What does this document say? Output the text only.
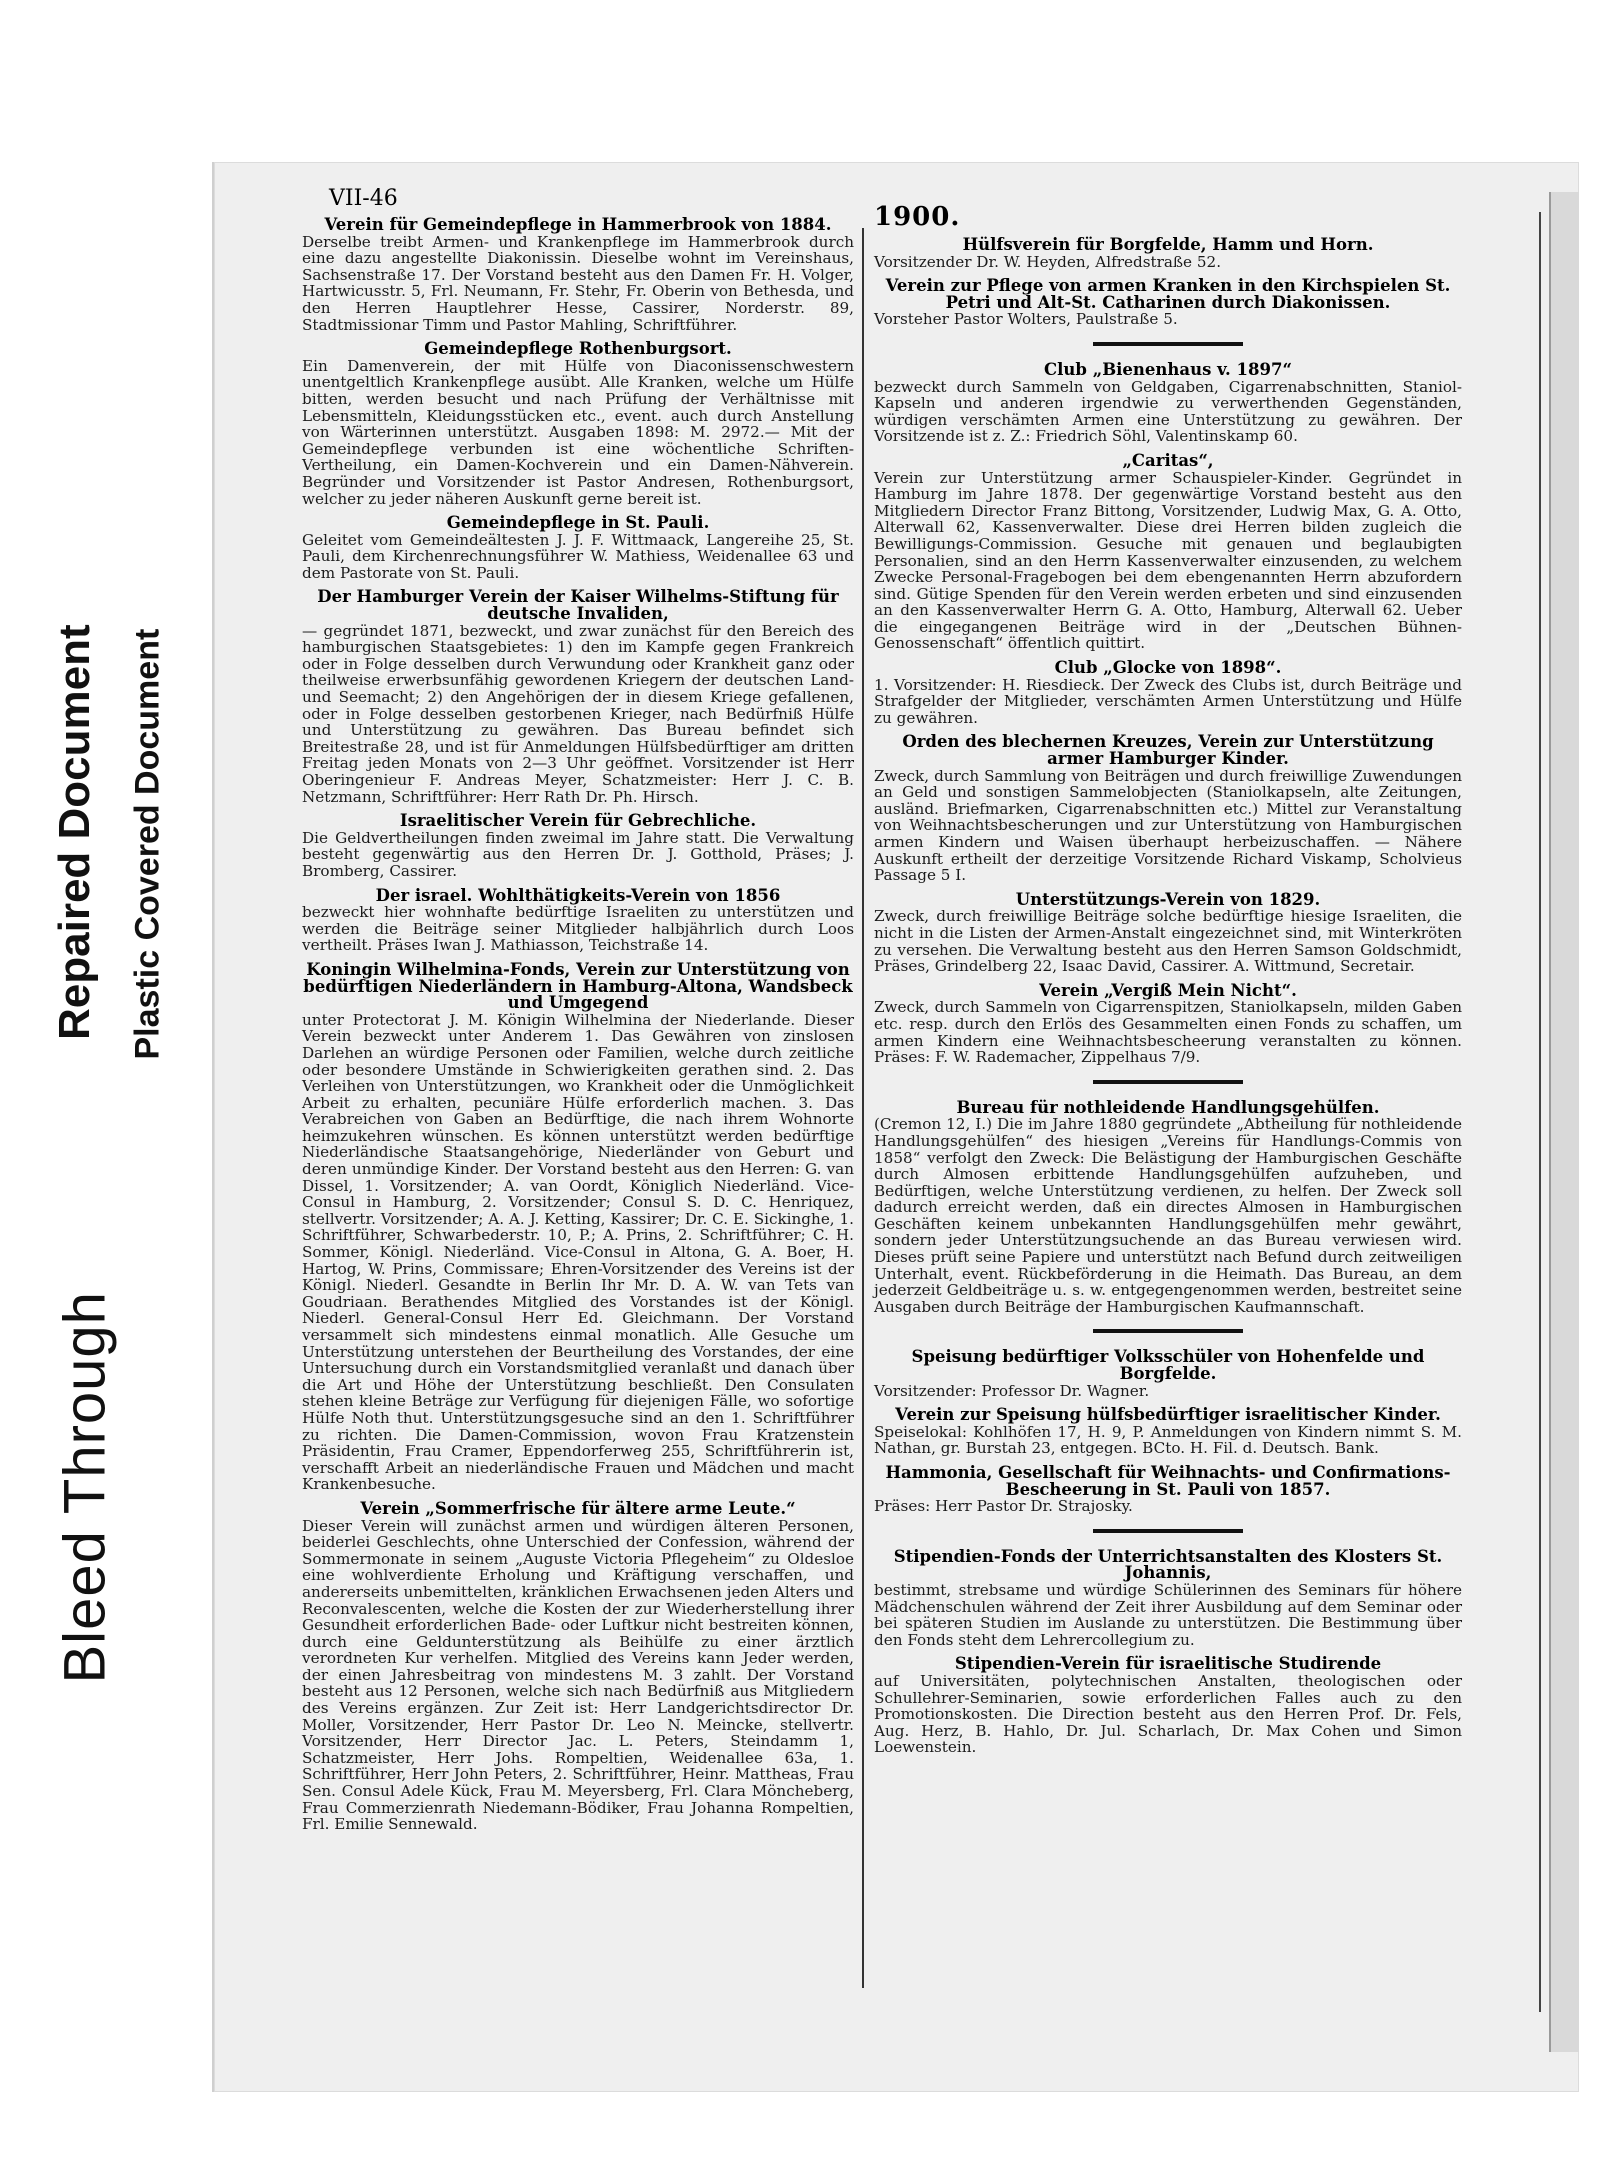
Bleed Through
Repaired Document Plastic Covered Document
VII-46
1900.
Verein für Gemeindepflege in Hammerbrook von 1884.
Derselbe treibt Armen- und Krankenpflege im Hammerbrook durch eine dazu angestellte Diakonissin. Dieselbe wohnt im Vereinshaus, Sachsenstraße 17. Der Vorstand besteht aus den Damen Fr. H. Volger, Hartwicusstr. 5, Frl. Neumann, Fr. Stehr, Fr. Oberin von Bethesda, und den Herren Hauptlehrer Hesse, Cassirer, Norderstr. 89, Stadtmissionar Timm und Pastor Mahling, Schriftführer.
Gemeindepflege Rothenburgsort.
Ein Damenverein, der mit Hülfe von Diaconissenschwestern unentgeltlich Krankenpflege ausübt. Alle Kranken, welche um Hülfe bitten, werden besucht und nach Prüfung der Verhältnisse mit Lebensmitteln, Kleidungsstücken etc., event. auch durch Anstellung von Wärterinnen unterstützt. Ausgaben 1898: M. 2972.— Mit der Gemeindepflege verbunden ist eine wöchentliche Schriften-Vertheilung, ein Damen-Kochverein und ein Damen-Nähverein. Begründer und Vorsitzender ist Pastor Andresen, Rothenburgsort, welcher zu jeder näheren Auskunft gerne bereit ist.
Gemeindepflege in St. Pauli.
Geleitet vom Gemeindeältesten J. J. F. Wittmaack, Langereihe 25, St. Pauli, dem Kirchenrechnungsführer W. Mathiess, Weidenallee 63 und dem Pastorate von St. Pauli.
Der Hamburger Verein der Kaiser Wilhelms-Stiftung für deutsche Invaliden,
— gegründet 1871, bezweckt, und zwar zunächst für den Bereich des hamburgischen Staatsgebietes: 1) den im Kampfe gegen Frankreich oder in Folge desselben durch Verwundung oder Krankheit ganz oder theilweise erwerbsunfähig gewordenen Kriegern der deutschen Land- und Seemacht; 2) den Angehörigen der in diesem Kriege gefallenen, oder in Folge desselben gestorbenen Krieger, nach Bedürfniß Hülfe und Unterstützung zu gewähren. Das Bureau befindet sich Breitestraße 28, und ist für Anmeldungen Hülfsbedürftiger am dritten Freitag jeden Monats von 2—3 Uhr geöffnet. Vorsitzender ist Herr Oberingenieur F. Andreas Meyer, Schatzmeister: Herr J. C. B. Netzmann, Schriftführer: Herr Rath Dr. Ph. Hirsch.
Israelitischer Verein für Gebrechliche.
Die Geldvertheilungen finden zweimal im Jahre statt. Die Verwaltung besteht gegenwärtig aus den Herren Dr. J. Gotthold, Präses; J. Bromberg, Cassirer.
Der israel. Wohlthätigkeits-Verein von 1856
bezweckt hier wohnhafte bedürftige Israeliten zu unterstützen und werden die Beiträge seiner Mitglieder halbjährlich durch Loos vertheilt. Präses Iwan J. Mathiasson, Teichstraße 14.
Koningin Wilhelmina-Fonds, Verein zur Unterstützung von bedürftigen Niederländern in Hamburg-Altona, Wandsbeck und Umgegend
unter Protectorat J. M. Königin Wilhelmina der Niederlande. Dieser Verein bezweckt unter Anderem 1. Das Gewähren von zinslosen Darlehen an würdige Personen oder Familien, welche durch zeitliche oder besondere Umstände in Schwierigkeiten gerathen sind. 2. Das Verleihen von Unterstützungen, wo Krankheit oder die Unmöglichkeit Arbeit zu erhalten, pecuniäre Hülfe erforderlich machen. 3. Das Verabreichen von Gaben an Bedürftige, die nach ihrem Wohnorte heimzukehren wünschen. Es können unterstützt werden bedürftige Niederländische Staatsangehörige, Niederländer von Geburt und deren unmündige Kinder. Der Vorstand besteht aus den Herren: G. van Dissel, 1. Vorsitzender; A. van Oordt, Königlich Niederländ. Vice-Consul in Hamburg, 2. Vorsitzender; Consul S. D. C. Henriquez, stellvertr. Vorsitzender; A. A. J. Ketting, Kassirer; Dr. C. E. Sickinghe, 1. Schriftführer, Schwarbederstr. 10, P.; A. Prins, 2. Schriftführer; C. H. Sommer, Königl. Niederländ. Vice-Consul in Altona, G. A. Boer, H. Hartog, W. Prins, Commissare; Ehren-Vorsitzender des Vereins ist der Königl. Niederl. Gesandte in Berlin Ihr Mr. D. A. W. van Tets van Goudriaan. Berathendes Mitglied des Vorstandes ist der Königl. Niederl. General-Consul Herr Ed. Gleichmann. Der Vorstand versammelt sich mindestens einmal monatlich. Alle Gesuche um Unterstützung unterstehen der Beurtheilung des Vorstandes, der eine Untersuchung durch ein Vorstandsmitglied veranlaßt und danach über die Art und Höhe der Unterstützung beschließt. Den Consulaten stehen kleine Beträge zur Verfügung für diejenigen Fälle, wo sofortige Hülfe Noth thut. Unterstützungsgesuche sind an den 1. Schriftführer zu richten. Die Damen-Commission, wovon Frau Kratzenstein Präsidentin, Frau Cramer, Eppendorferweg 255, Schriftführerin ist, verschafft Arbeit an niederländische Frauen und Mädchen und macht Krankenbesuche.
Verein „Sommerfrische für ältere arme Leute.“
Dieser Verein will zunächst armen und würdigen älteren Personen, beiderlei Geschlechts, ohne Unterschied der Confession, während der Sommermonate in seinem „Auguste Victoria Pflegeheim“ zu Oldesloe eine wohlverdiente Erholung und Kräftigung verschaffen, und andererseits unbemittelten, kränklichen Erwachsenen jeden Alters und Reconvalescenten, welche die Kosten der zur Wiederherstellung ihrer Gesundheit erforderlichen Bade- oder Luftkur nicht bestreiten können, durch eine Geldunterstützung als Beihülfe zu einer ärztlich verordneten Kur verhelfen. Mitglied des Vereins kann Jeder werden, der einen Jahresbeitrag von mindestens M. 3 zahlt. Der Vorstand besteht aus 12 Personen, welche sich nach Bedürfniß aus Mitgliedern des Vereins ergänzen. Zur Zeit ist: Herr Landgerichtsdirector Dr. Moller, Vorsitzender, Herr Pastor Dr. Leo N. Meincke, stellvertr. Vorsitzender, Herr Director Jac. L. Peters, Steindamm 1, Schatzmeister, Herr Johs. Rompeltien, Weidenallee 63a, 1. Schriftführer, Herr John Peters, 2. Schriftführer, Heinr. Mattheas, Frau Sen. Consul Adele Kück, Frau M. Meyersberg, Frl. Clara Möncheberg, Frau Commerzienrath Niedemann-Bödiker, Frau Johanna Rompeltien, Frl. Emilie Sennewald.
Hülfsverein für Borgfelde, Hamm und Horn.
Vorsitzender Dr. W. Heyden, Alfredstraße 52.
Verein zur Pflege von armen Kranken in den Kirchspielen St. Petri und Alt-St. Catharinen durch Diakonissen.
Vorsteher Pastor Wolters, Paulstraße 5.
Club „Bienenhaus v. 1897“
bezweckt durch Sammeln von Geldgaben, Cigarrenabschnitten, Staniol-Kapseln und anderen irgendwie zu verwerthenden Gegenständen, würdigen verschämten Armen eine Unterstützung zu gewähren. Der Vorsitzende ist z. Z.: Friedrich Söhl, Valentinskamp 60.
„Caritas“,
Verein zur Unterstützung armer Schauspieler-Kinder. Gegründet in Hamburg im Jahre 1878. Der gegenwärtige Vorstand besteht aus den Mitgliedern Director Franz Bittong, Vorsitzender, Ludwig Max, G. A. Otto, Alterwall 62, Kassenverwalter. Diese drei Herren bilden zugleich die Bewilligungs-Commission. Gesuche mit genauen und beglaubigten Personalien, sind an den Herrn Kassenverwalter einzusenden, zu welchem Zwecke Personal-Fragebogen bei dem ebengenannten Herrn abzufordern sind. Gütige Spenden für den Verein werden erbeten und sind einzusenden an den Kassenverwalter Herrn G. A. Otto, Hamburg, Alterwall 62. Ueber die eingegangenen Beiträge wird in der „Deutschen Bühnen-Genossenschaft“ öffentlich quittirt.
Club „Glocke von 1898“.
1. Vorsitzender: H. Riesdieck. Der Zweck des Clubs ist, durch Beiträge und Strafgelder der Mitglieder, verschämten Armen Unterstützung und Hülfe zu gewähren.
Orden des blechernen Kreuzes, Verein zur Unterstützung armer Hamburger Kinder.
Zweck, durch Sammlung von Beiträgen und durch freiwillige Zuwendungen an Geld und sonstigen Sammelobjecten (Staniolkapseln, alte Zeitungen, ausländ. Briefmarken, Cigarrenabschnitten etc.) Mittel zur Veranstaltung von Weihnachtsbescherungen und zur Unterstützung von Hamburgischen armen Kindern und Waisen überhaupt herbeizuschaffen. — Nähere Auskunft ertheilt der derzeitige Vorsitzende Richard Viskamp, Scholvieus Passage 5 I.
Unterstützungs-Verein von 1829.
Zweck, durch freiwillige Beiträge solche bedürftige hiesige Israeliten, die nicht in die Listen der Armen-Anstalt eingezeichnet sind, mit Winterkröten zu versehen. Die Verwaltung besteht aus den Herren Samson Goldschmidt, Präses, Grindelberg 22, Isaac David, Cassirer. A. Wittmund, Secretair.
Verein „Vergiß Mein Nicht“.
Zweck, durch Sammeln von Cigarrenspitzen, Staniolkapseln, milden Gaben etc. resp. durch den Erlös des Gesammelten einen Fonds zu schaffen, um armen Kindern eine Weihnachtsbescheerung veranstalten zu können. Präses: F. W. Rademacher, Zippelhaus 7/9.
Bureau für nothleidende Handlungsgehülfen.
(Cremon 12, I.) Die im Jahre 1880 gegründete „Abtheilung für nothleidende Handlungsgehülfen“ des hiesigen „Vereins für Handlungs-Commis von 1858“ verfolgt den Zweck: Die Belästigung der Hamburgischen Geschäfte durch Almosen erbittende Handlungsgehülfen aufzuheben, und Bedürftigen, welche Unterstützung verdienen, zu helfen. Der Zweck soll dadurch erreicht werden, daß ein directes Almosen in Hamburgischen Geschäften keinem unbekannten Handlungsgehülfen mehr gewährt, sondern jeder Unterstützungsuchende an das Bureau verwiesen wird. Dieses prüft seine Papiere und unterstützt nach Befund durch zeitweiligen Unterhalt, event. Rückbeförderung in die Heimath. Das Bureau, an dem jederzeit Geldbeiträge u. s. w. entgegengenommen werden, bestreitet seine Ausgaben durch Beiträge der Hamburgischen Kaufmannschaft.
Speisung bedürftiger Volksschüler von Hohenfelde und Borgfelde.
Vorsitzender: Professor Dr. Wagner.
Verein zur Speisung hülfsbedürftiger israelitischer Kinder.
Speiselokal: Kohlhöfen 17, H. 9, P. Anmeldungen von Kindern nimmt S. M. Nathan, gr. Burstah 23, entgegen. BCto. H. Fil. d. Deutsch. Bank.
Hammonia, Gesellschaft für Weihnachts- und Confirmations-Bescheerung in St. Pauli von 1857.
Präses: Herr Pastor Dr. Strajosky.
Stipendien-Fonds der Unterrichtsanstalten des Klosters St. Johannis,
bestimmt, strebsame und würdige Schülerinnen des Seminars für höhere Mädchenschulen während der Zeit ihrer Ausbildung auf dem Seminar oder bei späteren Studien im Auslande zu unterstützen. Die Bestimmung über den Fonds steht dem Lehrercollegium zu.
Stipendien-Verein für israelitische Studirende
auf Universitäten, polytechnischen Anstalten, theologischen oder Schullehrer-Seminarien, sowie erforderlichen Falles auch zu den Promotionskosten. Die Direction besteht aus den Herren Prof. Dr. Fels, Aug. Herz, B. Hahlo, Dr. Jul. Scharlach, Dr. Max Cohen und Simon Loewenstein.
